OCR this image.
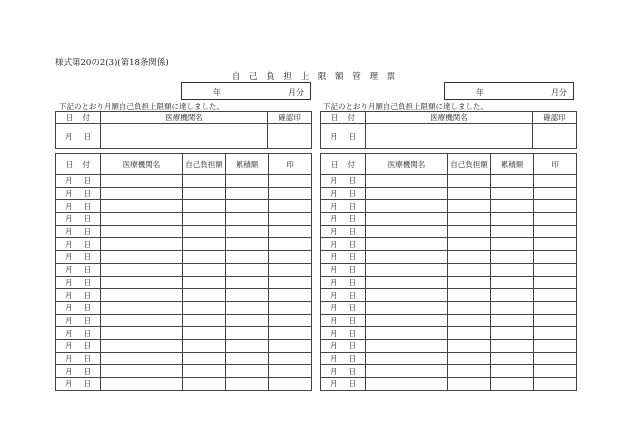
様式第20の2(3)(第18条関係)
自 己 負 担 上 限 額 管 理 票
年	月分	年	月分
下記のとおり月額自己負担上限額に達しました。	下記のとおり月額自己負担上限額に達しました。
日 付	医療機関名	確認印
月 日		
日 付	医療機関名	確認印
月 日		
日 付	医療機関名	自己負担額	累積額	印
月 日				
月 日				
月 日				
月 日				
月 日				
月 日				
月 日				
月 日				
月 日				
月 日				
月 日				
月 日				
月 日				
月 日				
月 日				
月 日				
月 日				
日 付	医療機関名	自己負担額	累積額	印
月 日				
月 日				
月 日				
月 日				
月 日				
月 日				
月 日				
月 日				
月 日				
月 日				
月 日				
月 日				
月 日				
月 日				
月 日				
月 日				
月 日				
